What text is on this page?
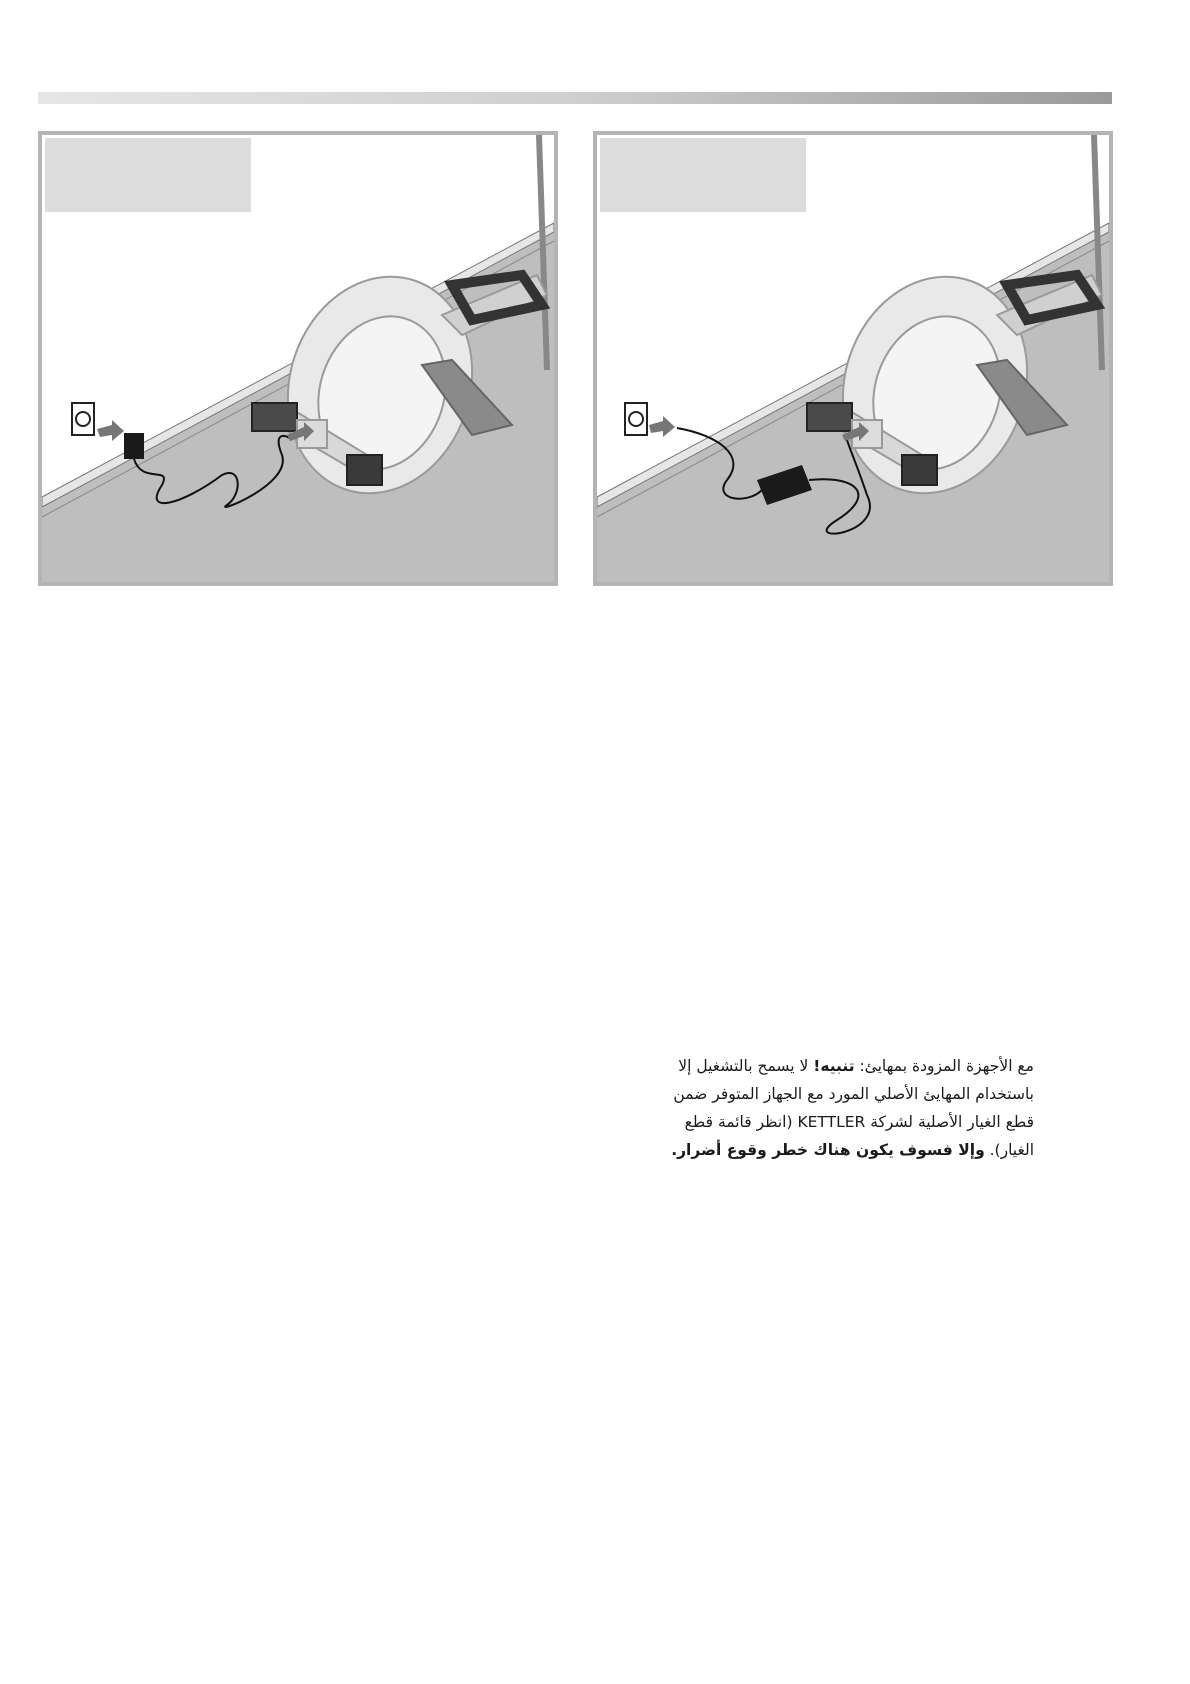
مع الأجهزة المزودة بمهايئ: تنبيه! لا يسمح بالتشغيل إلا باستخدام المهايئ الأصلي المورد مع الجهاز المتوفر ضمن قطع الغيار الأصلية لشركة KETTLER (انظر قائمة قطع الغيار). وإلا فسوف يكون هناك خطر وقوع أضرار.
